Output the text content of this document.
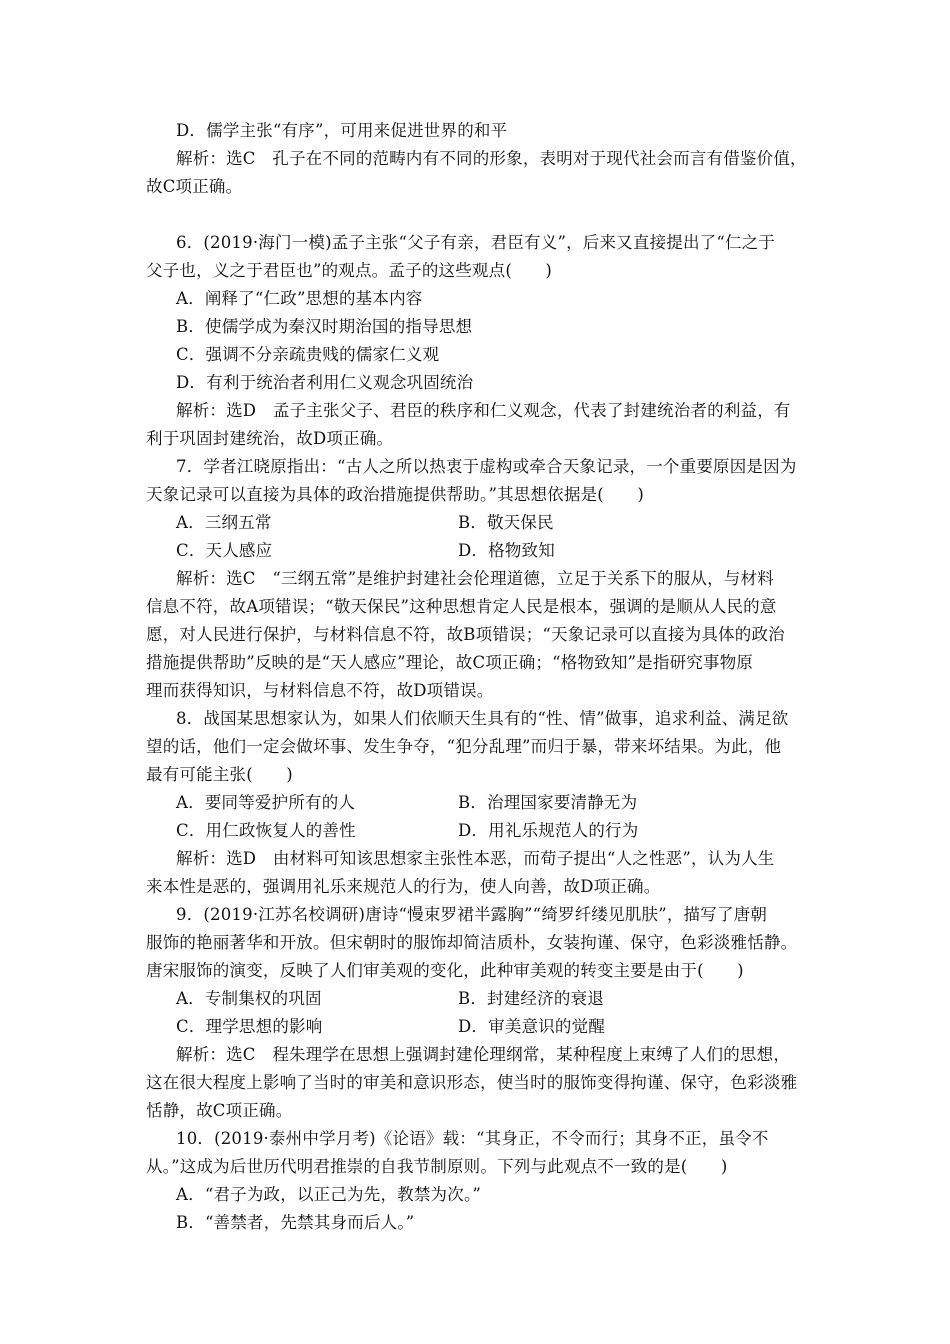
D．儒学主张“有序”，可用来促进世界的和平
解析：选C　孔子在不同的范畴内有不同的形象，表明对于现代社会而言有借鉴价值，
故C项正确。
6．(2019·海门一模)孟子主张“父子有亲，君臣有义”，后来又直接提出了“仁之于
父子也，义之于君臣也”的观点。孟子的这些观点(　　)
A．阐释了“仁政”思想的基本内容
B．使儒学成为秦汉时期治国的指导思想
C．强调不分亲疏贵贱的儒家仁义观
D．有利于统治者利用仁义观念巩固统治
解析：选D　孟子主张父子、君臣的秩序和仁义观念，代表了封建统治者的利益，有
利于巩固封建统治，故D项正确。
7．学者江晓原指出：“古人之所以热衷于虚构或牵合天象记录，一个重要原因是因为
天象记录可以直接为具体的政治措施提供帮助。”其思想依据是(　　)
A．三纲五常	B．敬天保民
C．天人感应	D．格物致知
解析：选C　“三纲五常”是维护封建社会伦理道德，立足于关系下的服从，与材料
信息不符，故A项错误；“敬天保民”这种思想肯定人民是根本，强调的是顺从人民的意
愿，对人民进行保护，与材料信息不符，故B项错误；“天象记录可以直接为具体的政治
措施提供帮助”反映的是“天人感应”理论，故C项正确；“格物致知”是指研究事物原
理而获得知识，与材料信息不符，故D项错误。
8．战国某思想家认为，如果人们依顺天生具有的“性、情”做事，追求利益、满足欲
望的话，他们一定会做坏事、发生争夺，“犯分乱理”而归于暴，带来坏结果。为此，他
最有可能主张(　　)
A．要同等爱护所有的人	B．治理国家要清静无为
C．用仁政恢复人的善性	D．用礼乐规范人的行为
解析：选D　由材料可知该思想家主张性本恶，而荀子提出“人之性恶”，认为人生
来本性是恶的，强调用礼乐来规范人的行为，使人向善，故D项正确。
9．(2019·江苏名校调研)唐诗“慢束罗裙半露胸”“绮罗纤缕见肌肤”，描写了唐朝
服饰的艳丽著华和开放。但宋朝时的服饰却简洁质朴，女装拘谨、保守，色彩淡雅恬静。
唐宋服饰的演变，反映了人们审美观的变化，此种审美观的转变主要是由于(　　)
A．专制集权的巩固	B．封建经济的衰退
C．理学思想的影响	D．审美意识的觉醒
解析：选C　程朱理学在思想上强调封建伦理纲常，某种程度上束缚了人们的思想，
这在很大程度上影响了当时的审美和意识形态，使当时的服饰变得拘谨、保守，色彩淡雅
恬静，故C项正确。
10．(2019·泰州中学月考)《论语》载：“其身正，不令而行；其身不正，虽令不
从。”这成为后世历代明君推崇的自我节制原则。下列与此观点不一致的是(　　)
A．“君子为政，以正己为先，教禁为次。”
B．“善禁者，先禁其身而后人。”
